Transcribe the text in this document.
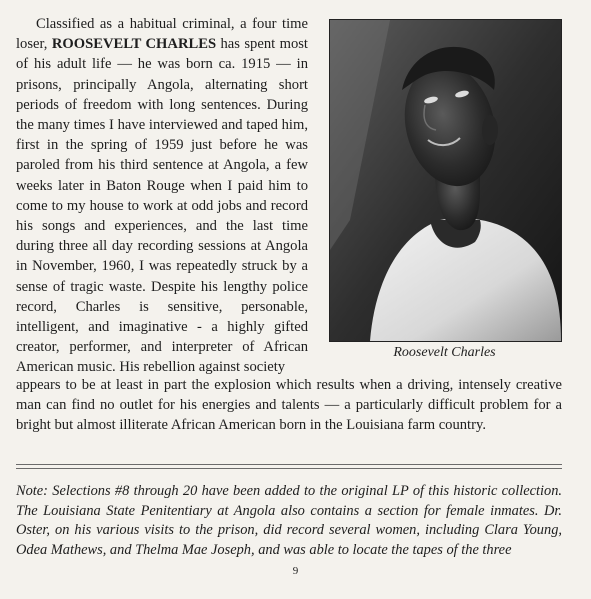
Classified as a habitual criminal, a four time loser, ROOSEVELT CHARLES has spent most of his adult life — he was born ca. 1915 — in prisons, principally Angola, alternating short periods of freedom with long sentences. During the many times I have interviewed and taped him, first in the spring of 1959 just before he was paroled from his third sentence at Angola, a few weeks later in Baton Rouge when I paid him to come to my house to work at odd jobs and record his songs and experiences, and the last time during three all day recording sessions at Angola in November, 1960, I was repeatedly struck by a sense of tragic waste. Despite his lengthy police record, Charles is sensitive, personable, intelligent, and imaginative - a highly gifted creator, performer, and interpreter of African American music. His rebellion against society

Roosevelt Charles

appears to be at least in part the explosion which results when a driving, intensely creative man can find no outlet for his energies and talents — a particularly difficult problem for a bright but almost illiterate African American born in the Louisiana farm country.

Note: Selections #8 through 20 have been added to the original LP of this historic collection. The Louisiana State Penitentiary at Angola also contains a section for female inmates. Dr. Oster, on his various visits to the prison, did record several women, including Clara Young, Odea Mathews, and Thelma Mae Joseph, and was able to locate the tapes of the three

9
